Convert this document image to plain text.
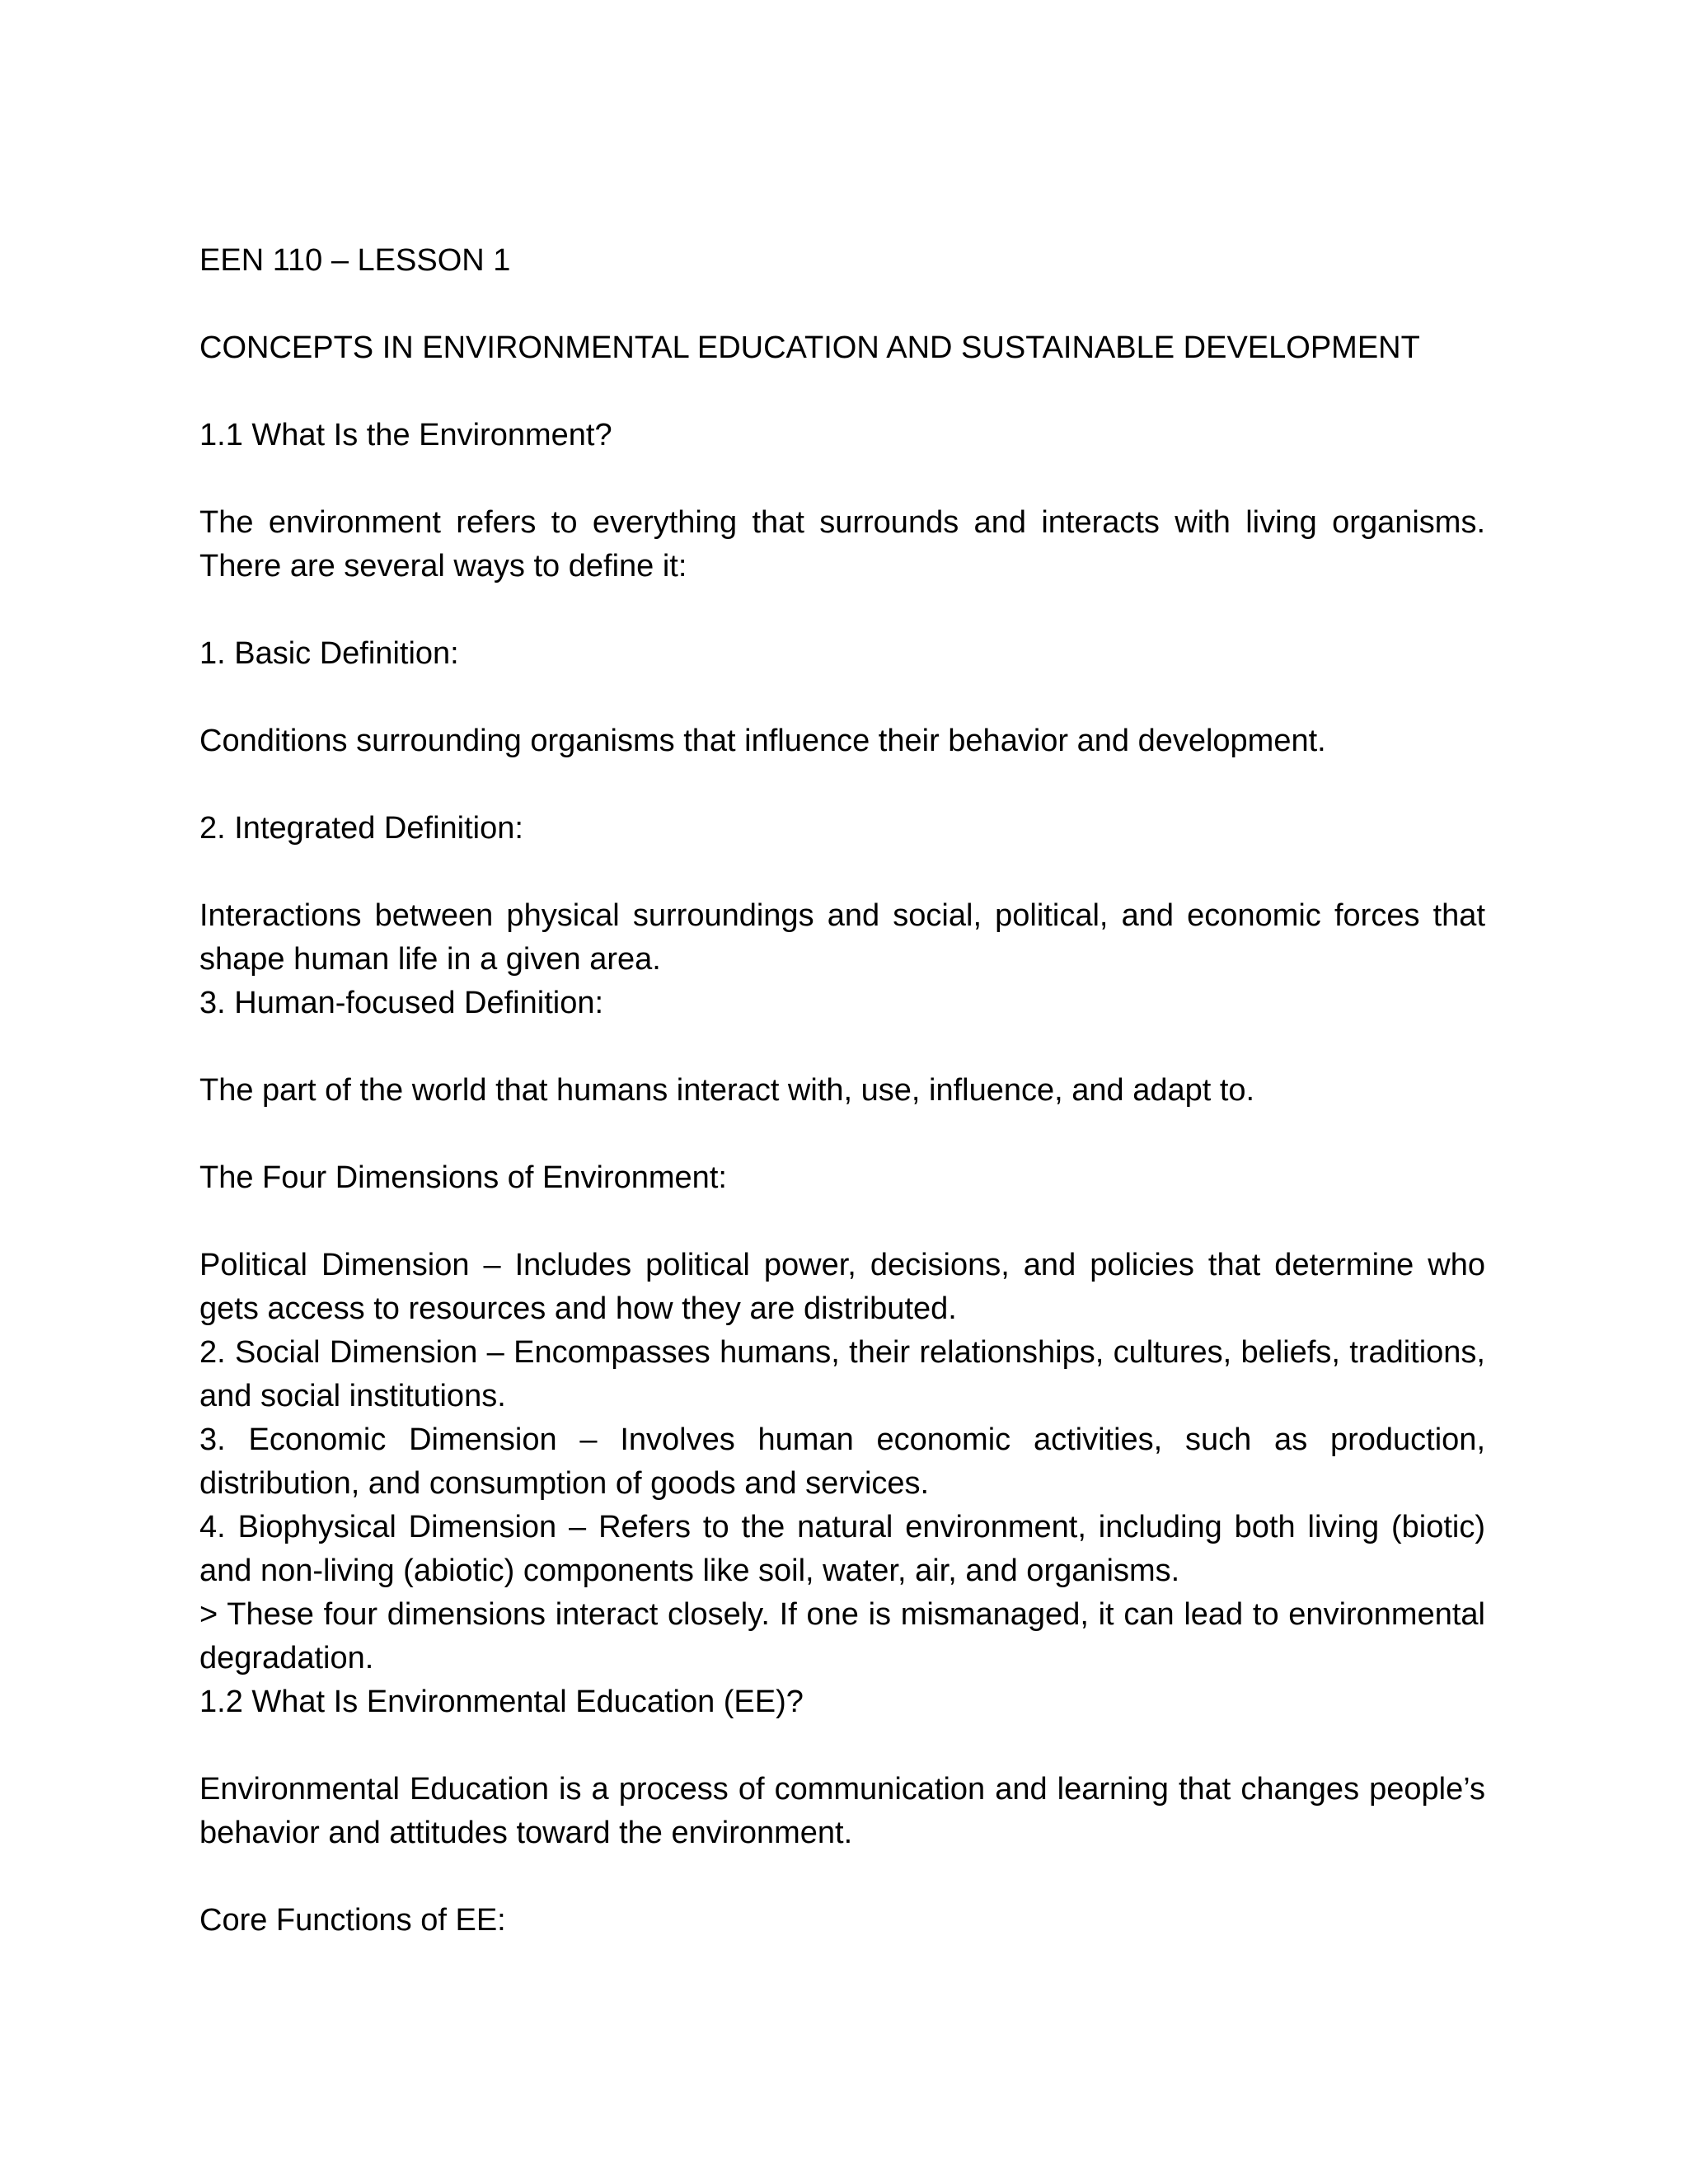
EEN 110 – LESSON 1

CONCEPTS IN ENVIRONMENTAL EDUCATION AND SUSTAINABLE DEVELOPMENT

1.1 What Is the Environment?

The environment refers to everything that surrounds and interacts with living organisms. There are several ways to define it:

1. Basic Definition:

Conditions surrounding organisms that influence their behavior and development.

2. Integrated Definition:

Interactions between physical surroundings and social, political, and economic forces that shape human life in a given area.

3. Human-focused Definition:

The part of the world that humans interact with, use, influence, and adapt to.

The Four Dimensions of Environment:

Political Dimension – Includes political power, decisions, and policies that determine who gets access to resources and how they are distributed.

2. Social Dimension – Encompasses humans, their relationships, cultures, beliefs, traditions, and social institutions.

3. Economic Dimension – Involves human economic activities, such as production, distribution, and consumption of goods and services.

4. Biophysical Dimension – Refers to the natural environment, including both living (biotic) and non-living (abiotic) components like soil, water, air, and organisms.

> These four dimensions interact closely. If one is mismanaged, it can lead to environmental degradation.

1.2 What Is Environmental Education (EE)?

Environmental Education is a process of communication and learning that changes people’s behavior and attitudes toward the environment.

Core Functions of EE:
